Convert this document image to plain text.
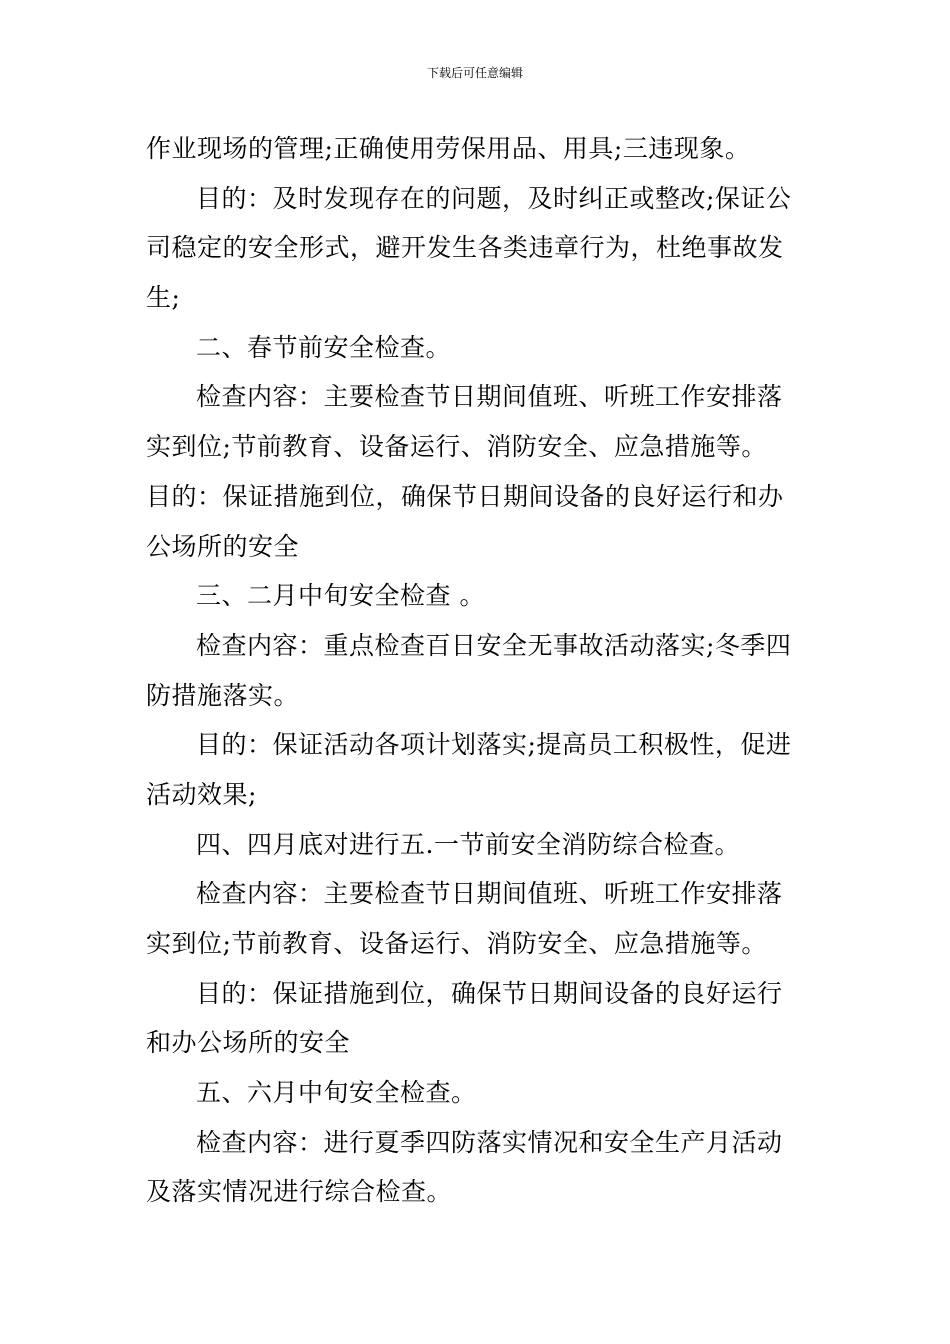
下载后可任意编辑
作业现场的管理;正确使用劳保用品、用具;三违现象。
目的：及时发现存在的问题，及时纠正或整改;保证公
司稳定的安全形式，避开发生各类违章行为，杜绝事故发
生;
二、春节前安全检查。
检查内容：主要检查节日期间值班、听班工作安排落
实到位;节前教育、设备运行、消防安全、应急措施等。
目的：保证措施到位，确保节日期间设备的良好运行和办
公场所的安全
三、二月中旬安全检查 。
检查内容：重点检查百日安全无事故活动落实;冬季四
防措施落实。
目的：保证活动各项计划落实;提高员工积极性，促进
活动效果;
四、四月底对进行五.一节前安全消防综合检查。
检查内容：主要检查节日期间值班、听班工作安排落
实到位;节前教育、设备运行、消防安全、应急措施等。
目的：保证措施到位，确保节日期间设备的良好运行
和办公场所的安全
五、六月中旬安全检查。
检查内容：进行夏季四防落实情况和安全生产月活动
及落实情况进行综合检查。
